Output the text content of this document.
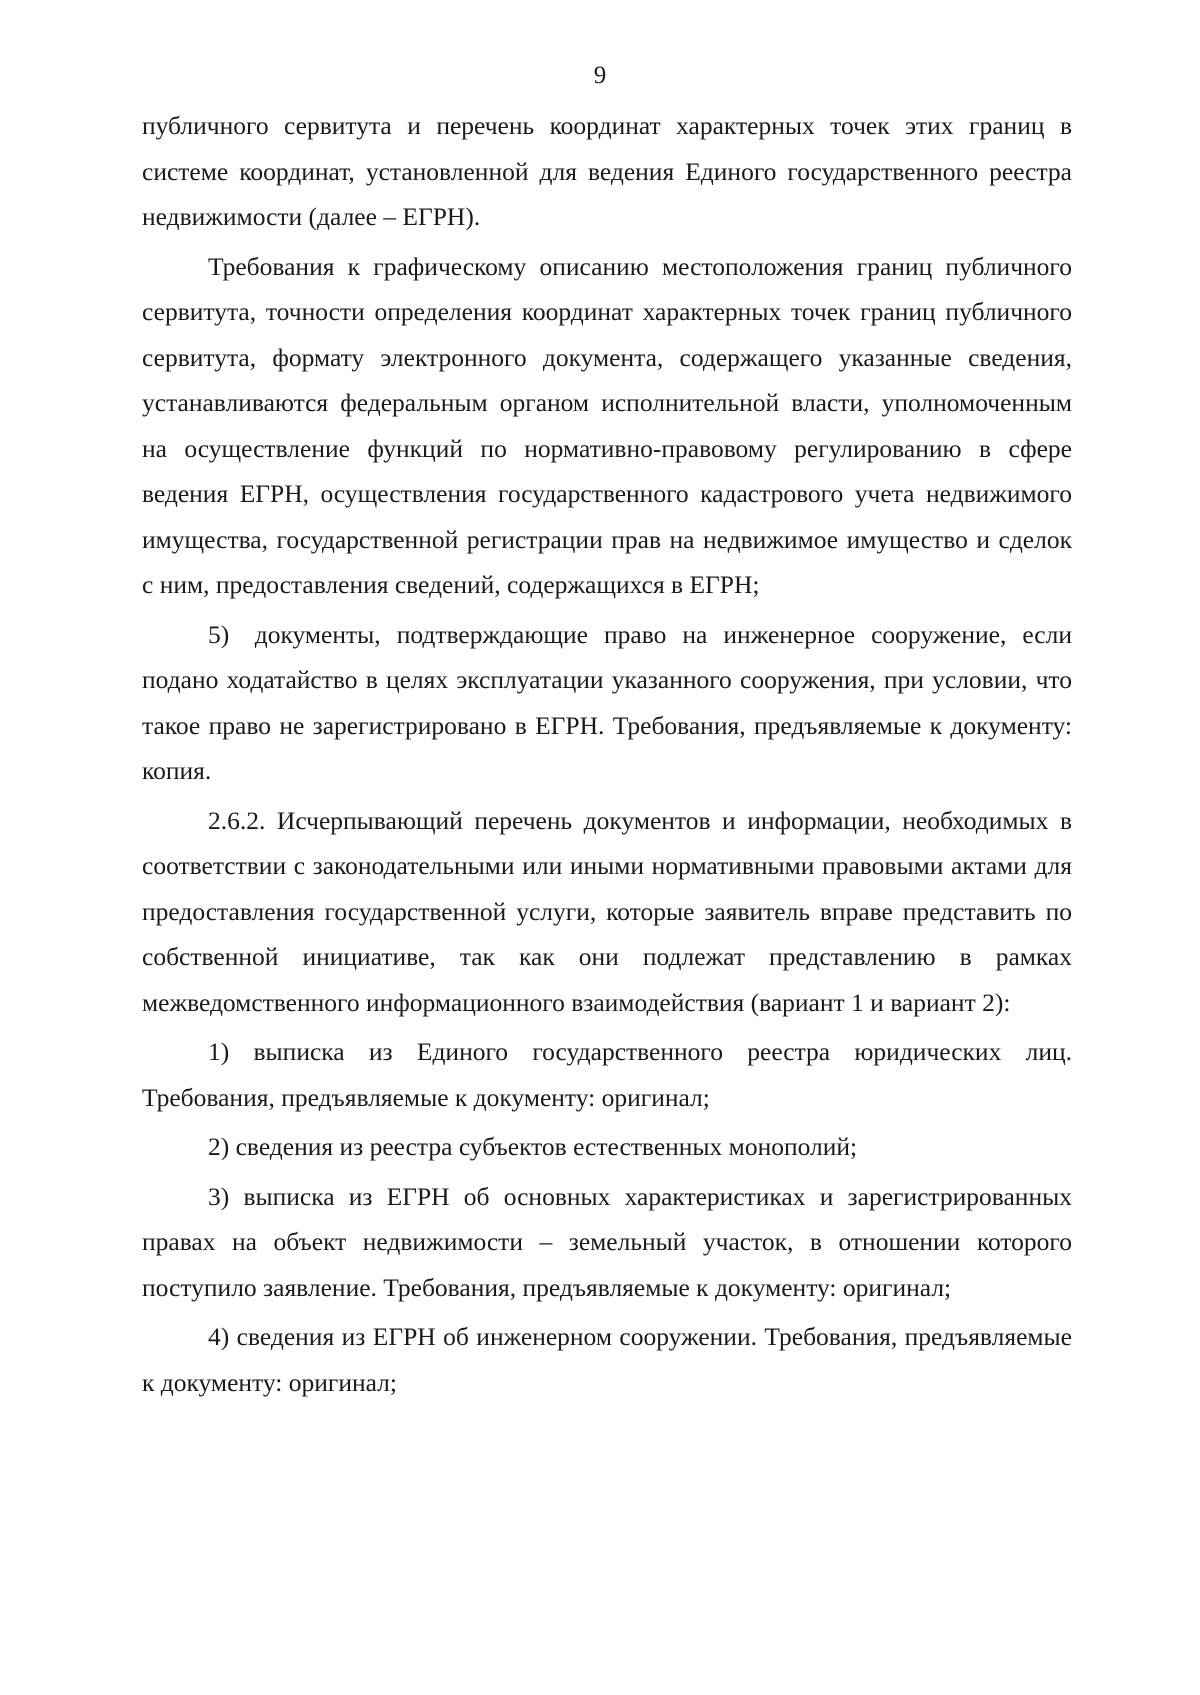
9

публичного сервитута и перечень координат характерных точек этих границ в системе координат, установленной для ведения Единого государственного реестра недвижимости (далее – ЕГРН).

Требования к графическому описанию местоположения границ публичного сервитута, точности определения координат характерных точек границ публичного сервитута, формату электронного документа, содержащего указанные сведения, устанавливаются федеральным органом исполнительной власти, уполномоченным на осуществление функций по нормативно-правовому регулированию в сфере ведения ЕГРН, осуществления государственного кадастрового учета недвижимого имущества, государственной регистрации прав на недвижимое имущество и сделок с ним, предоставления сведений, содержащихся в ЕГРН;

5) документы, подтверждающие право на инженерное сооружение, если подано ходатайство в целях эксплуатации указанного сооружения, при условии, что такое право не зарегистрировано в ЕГРН. Требования, предъявляемые к документу: копия.

2.6.2. Исчерпывающий перечень документов и информации, необходимых в соответствии с законодательными или иными нормативными правовыми актами для предоставления государственной услуги, которые заявитель вправе представить по собственной инициативе, так как они подлежат представлению в рамках межведомственного информационного взаимодействия (вариант 1 и вариант 2):

1) выписка из Единого государственного реестра юридических лиц. Требования, предъявляемые к документу: оригинал;

2) сведения из реестра субъектов естественных монополий;

3) выписка из ЕГРН об основных характеристиках и зарегистрированных правах на объект недвижимости – земельный участок, в отношении которого поступило заявление. Требования, предъявляемые к документу: оригинал;

4) сведения из ЕГРН об инженерном сооружении. Требования, предъявляемые к документу: оригинал;
